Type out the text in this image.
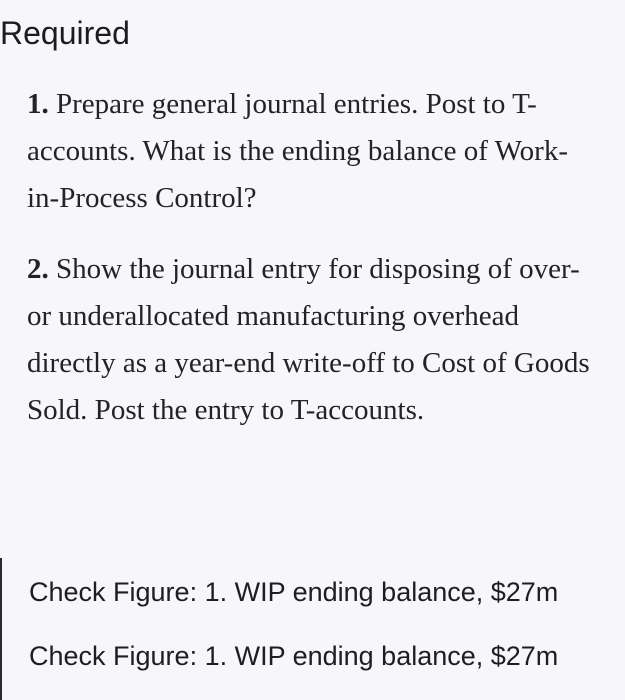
Required
1. Prepare general journal entries. Post to T-accounts. What is the ending balance of Work-in-Process Control?
2. Show the journal entry for disposing of over- or underallocated manufacturing overhead directly as a year-end write-off to Cost of Goods Sold. Post the entry to T-accounts.
Check Figure: 1. WIP ending balance, $27m
Check Figure: 1. WIP ending balance, $27m
